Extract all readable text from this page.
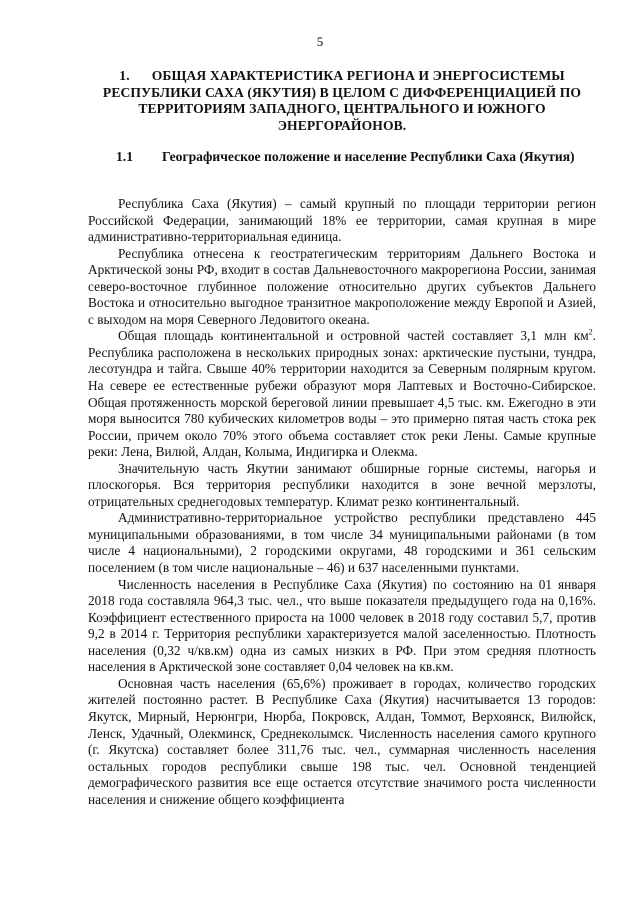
5

1. ОБЩАЯ ХАРАКТЕРИСТИКА РЕГИОНА И ЭНЕРГОСИСТЕМЫ РЕСПУБЛИКИ САХА (ЯКУТИЯ) В ЦЕЛОМ С ДИФФЕРЕНЦИАЦИЕЙ ПО ТЕРРИТОРИЯМ ЗАПАДНОГО, ЦЕНТРАЛЬНОГО И ЮЖНОГО ЭНЕРГОРАЙОНОВ.
1.1 Географическое положение и население Республики Саха (Якутия)

Республика Саха (Якутия) – самый крупный по площади территории регион Российской Федерации, занимающий 18% ее территории, самая крупная в мире административно-территориальная единица.

Республика отнесена к геостратегическим территориям Дальнего Востока и Арктической зоны РФ, входит в состав Дальневосточного макрорегиона России, занимая северо-восточное глубинное положение относительно других субъектов Дальнего Востока и относительно выгодное транзитное макроположение между Европой и Азией, с выходом на моря Северного Ледовитого океана.

Общая площадь континентальной и островной частей составляет 3,1 млн $км^2$. Республика расположена в нескольких природных зонах: арктические пустыни, тундра, лесотундра и тайга. Свыше 40% территории находится за Северным полярным кругом. На севере ее естественные рубежи образуют моря Лаптевых и Восточно-Сибирское. Общая протяженность морской береговой линии превышает 4,5 тыс. км. Ежегодно в эти моря выносится 780 кубических километров воды – это примерно пятая часть стока рек России, причем около 70% этого объема составляет сток реки Лены. Самые крупные реки: Лена, Вилюй, Алдан, Колыма, Индигирка и Олекма.

Значительную часть Якутии занимают обширные горные системы, нагорья и плоскогорья. Вся территория республики находится в зоне вечной мерзлоты, отрицательных среднегодовых температур. Климат резко континентальный.

Административно-территориальное устройство республики представлено 445 муниципальными образованиями, в том числе 34 муниципальными районами (в том числе 4 национальными), 2 городскими округами, 48 городскими и 361 сельским поселением (в том числе национальные – 46) и 637 населенными пунктами.

Численность населения в Республике Саха (Якутия) по состоянию на 01 января 2018 года составляла 964,3 тыс. чел., что выше показателя предыдущего года на 0,16%. Коэффициент естественного прироста на 1000 человек в 2018 году составил 5,7, против 9,2 в 2014 г. Территория республики характеризуется малой заселенностью. Плотность населения (0,32 ч/кв.км) одна из самых низких в РФ. При этом средняя плотность населения в Арктической зоне составляет 0,04 человек на кв.км.

Основная часть населения (65,6%) проживает в городах, количество городских жителей постоянно растет. В Республике Саха (Якутия) насчитывается 13 городов: Якутск, Мирный, Нерюнгри, Нюрба, Покровск, Алдан, Томмот, Верхоянск, Вилюйск, Ленск, Удачный, Олекминск, Среднеколымск. Численность населения самого крупного (г. Якутска) составляет более 311,76 тыс. чел., суммарная численность населения остальных городов республики свыше 198 тыс. чел. Основной тенденцией демографического развития все еще остается отсутствие значимого роста численности населения и снижение общего коэффициента
